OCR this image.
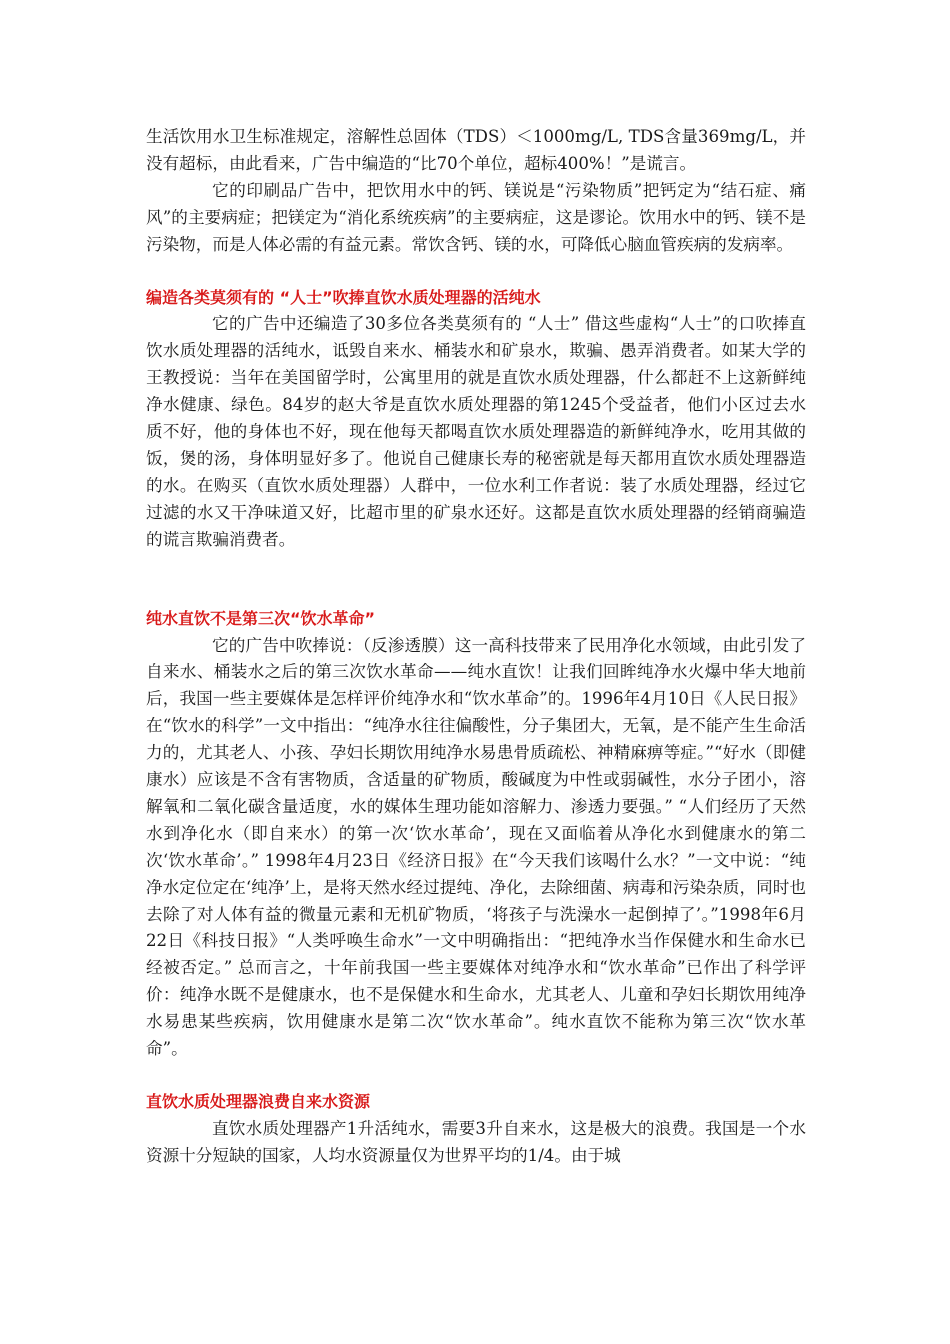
生活饮用水卫生标准规定，溶解性总固体（TDS）＜1000mg/L, TDS含量369mg/L，并没有超标，由此看来，广告中编造的“比70个单位，超标400%！”是谎言。

它的印刷品广告中，把饮用水中的钙、镁说是“污染物质”把钙定为“结石症、痛风”的主要病症；把镁定为“消化系统疾病”的主要病症，这是谬论。饮用水中的钙、镁不是污染物，而是人体必需的有益元素。常饮含钙、镁的水，可降低心脑血管疾病的发病率。

编造各类莫须有的 “人士”吹捧直饮水质处理器的活纯水

它的广告中还编造了30多位各类莫须有的 “人士” 借这些虚构“人士”的口吹捧直饮水质处理器的活纯水，诋毁自来水、桶装水和矿泉水，欺骗、愚弄消费者。如某大学的王教授说：当年在美国留学时，公寓里用的就是直饮水质处理器，什么都赶不上这新鲜纯净水健康、绿色。84岁的赵大爷是直饮水质处理器的第1245个受益者，他们小区过去水质不好，他的身体也不好，现在他每天都喝直饮水质处理器造的新鲜纯净水，吃用其做的饭，煲的汤，身体明显好多了。他说自己健康长寿的秘密就是每天都用直饮水质处理器造的水。在购买（直饮水质处理器）人群中，一位水利工作者说：装了水质处理器，经过它过滤的水又干净味道又好，比超市里的矿泉水还好。这都是直饮水质处理器的经销商骗造的谎言欺骗消费者。

纯水直饮不是第三次“饮水革命”

它的广告中吹捧说：（反渗透膜）这一高科技带来了民用净化水领域，由此引发了自来水、桶装水之后的第三次饮水革命——纯水直饮！让我们回眸纯净水火爆中华大地前后，我国一些主要媒体是怎样评价纯净水和“饮水革命”的。1996年4月10日《人民日报》在“饮水的科学”一文中指出：“纯净水往往偏酸性，分子集团大，无氧，是不能产生生命活力的，尤其老人、小孩、孕妇长期饮用纯净水易患骨质疏松、神精麻痹等症。”“好水（即健康水）应该是不含有害物质，含适量的矿物质，酸碱度为中性或弱碱性，水分子团小，溶解氧和二氧化碳含量适度，水的媒体生理功能如溶解力、渗透力要强。” “人们经历了天然水到净化水（即自来水）的第一次‘饮水革命’，现在又面临着从净化水到健康水的第二次‘饮水革命’。” 1998年4月23日《经济日报》在“今天我们该喝什么水？”一文中说：“纯净水定位定在‘纯净’上，是将天然水经过提纯、净化，去除细菌、病毒和污染杂质，同时也去除了对人体有益的微量元素和无机矿物质，‘将孩子与洗澡水一起倒掉了’。”1998年6月22日《科技日报》“人类呼唤生命水”一文中明确指出：“把纯净水当作保健水和生命水已经被否定。” 总而言之，十年前我国一些主要媒体对纯净水和“饮水革命”已作出了科学评价：纯净水既不是健康水，也不是保健水和生命水，尤其老人、儿童和孕妇长期饮用纯净水易患某些疾病，饮用健康水是第二次“饮水革命”。纯水直饮不能称为第三次“饮水革命”。

直饮水质处理器浪费自来水资源

直饮水质处理器产1升活纯水，需要3升自来水，这是极大的浪费。我国是一个水资源十分短缺的国家，人均水资源量仅为世界平均的1/4。由于城
